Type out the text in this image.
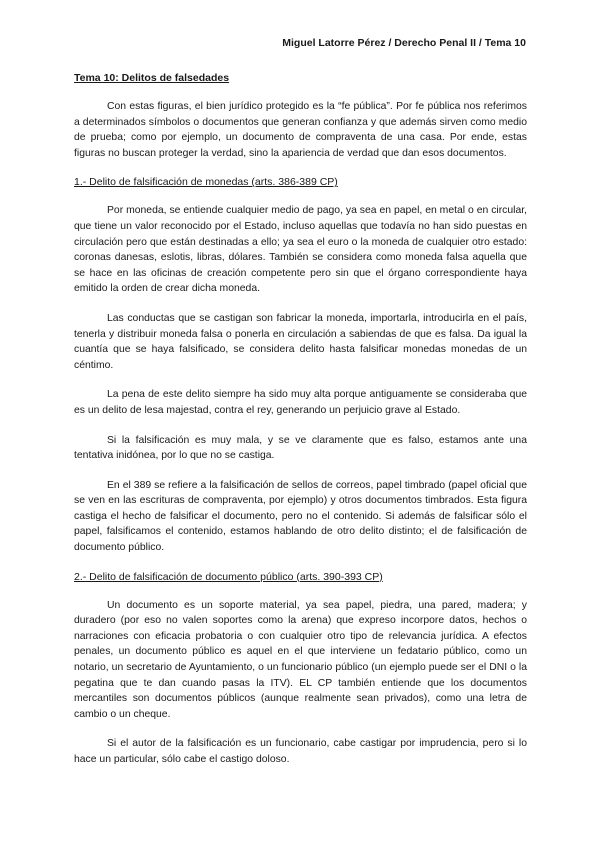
Miguel Latorre Pérez / Derecho Penal II / Tema 10
Tema 10: Delitos de falsedades

Con estas figuras, el bien jurídico protegido es la “fe pública”. Por fe pública nos referimos a determinados símbolos o documentos que generan confianza y que además sirven como medio de prueba; como por ejemplo, un documento de compraventa de una casa. Por ende, estas figuras no buscan proteger la verdad, sino la apariencia de verdad que dan esos documentos.

1.- Delito de falsificación de monedas (arts. 386-389 CP)

Por moneda, se entiende cualquier medio de pago, ya sea en papel, en metal o en circular, que tiene un valor reconocido por el Estado, incluso aquellas que todavía no han sido puestas en circulación pero que están destinadas a ello; ya sea el euro o la moneda de cualquier otro estado: coronas danesas, eslotis, libras, dólares. También se considera como moneda falsa aquella que se hace en las oficinas de creación competente pero sin que el órgano correspondiente haya emitido la orden de crear dicha moneda.

Las conductas que se castigan son fabricar la moneda, importarla, introducirla en el país, tenerla y distribuir moneda falsa o ponerla en circulación a sabiendas de que es falsa. Da igual la cuantía que se haya falsificado, se considera delito hasta falsificar monedas monedas de un céntimo.

La pena de este delito siempre ha sido muy alta porque antiguamente se consideraba que es un delito de lesa majestad, contra el rey, generando un perjuicio grave al Estado.

Si la falsificación es muy mala, y se ve claramente que es falso, estamos ante una tentativa inidónea, por lo que no se castiga.

En el 389 se refiere a la falsificación de sellos de correos, papel timbrado (papel oficial que se ven en las escrituras de compraventa, por ejemplo) y otros documentos timbrados. Esta figura castiga el hecho de falsificar el documento, pero no el contenido. Si además de falsificar sólo el papel, falsificamos el contenido, estamos hablando de otro delito distinto; el de falsificación de documento público.

2.- Delito de falsificación de documento público (arts. 390-393 CP)

Un documento es un soporte material, ya sea papel, piedra, una pared, madera; y duradero (por eso no valen soportes como la arena) que expreso incorpore datos, hechos o narraciones con eficacia probatoria o con cualquier otro tipo de relevancia jurídica. A efectos penales, un documento público es aquel en el que interviene un fedatario público, como un notario, un secretario de Ayuntamiento, o un funcionario público (un ejemplo puede ser el DNI o la pegatina que te dan cuando pasas la ITV). EL CP también entiende que los documentos mercantiles son documentos públicos (aunque realmente sean privados), como una letra de cambio o un cheque.

Si el autor de la falsificación es un funcionario, cabe castigar por imprudencia, pero si lo hace un particular, sólo cabe el castigo doloso.
